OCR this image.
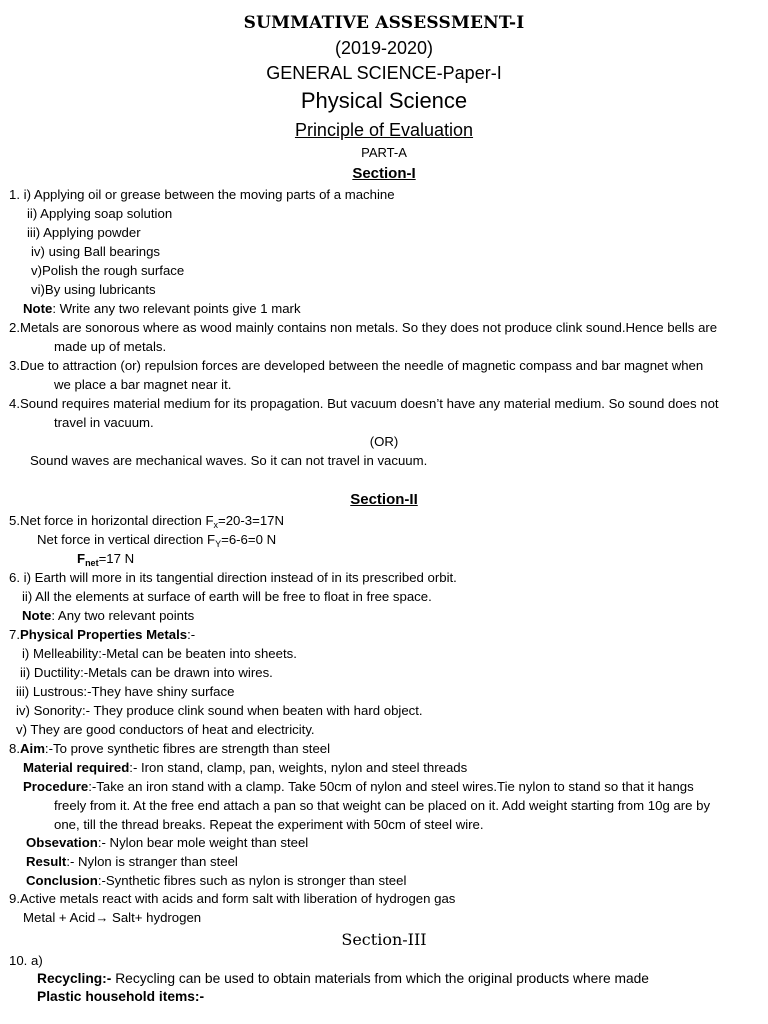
SUMMATIVE ASSESSMENT-I
(2019-2020)
GENERAL SCIENCE-Paper-I
Physical Science
Principle of Evaluation
PART-A
Section-I
1. i) Applying oil or grease between the moving parts of a machine
ii) Applying soap solution
iii) Applying powder
iv) using Ball bearings
v)Polish the rough surface
vi)By using lubricants
Note: Write any two relevant points give 1 mark
2.Metals are sonorous where as wood mainly contains non metals. So they does not produce clink sound.Hence bells are
made up of metals.
3.Due to attraction (or) repulsion forces are developed between the needle of magnetic compass and bar magnet when
we place a bar magnet near it.
4.Sound requires material medium for its propagation. But vacuum doesn’t have any material medium. So sound does not
travel in vacuum.
(OR)
Sound waves are mechanical waves. So it can not travel in vacuum.
Section-II
5.Net force in horizontal direction $F_x=20-3=17N$
Net force in vertical direction $F_Y=6-6=0$ N
$F_{net}=17$ N
6. i) Earth will more in its tangential direction instead of in its prescribed orbit.
ii) All the elements at surface of earth will be free to float in free space.
Note: Any two relevant points
7.Physical Properties Metals:-
i) Melleability:-Metal can be beaten into sheets.
ii) Ductility:-Metals can be drawn into wires.
iii) Lustrous:-They have shiny surface
iv) Sonority:- They produce clink sound when beaten with hard object.
v) They are good conductors of heat and electricity.
8.Aim:-To prove synthetic fibres are strength than steel
Material required:- Iron stand, clamp, pan, weights, nylon and steel threads
Procedure:-Take an iron stand with a clamp. Take 50cm of nylon and steel wires.Tie nylon to stand so that it hangs
freely from it. At the free end attach a pan so that weight can be placed on it. Add weight starting from 10g are by
one, till the thread breaks. Repeat the experiment with 50cm of steel wire.
Obsevation:- Nylon bear mole weight than steel
Result:- Nylon is stranger than steel
Conclusion:-Synthetic fibres such as nylon is stronger than steel
9.Active metals react with acids and form salt with liberation of hydrogen gas
Metal + Acid→ Salt+ hydrogen
Section-III
10. a)
Recycling:- Recycling can be used to obtain materials from which the original products where made
Plastic household items:-
